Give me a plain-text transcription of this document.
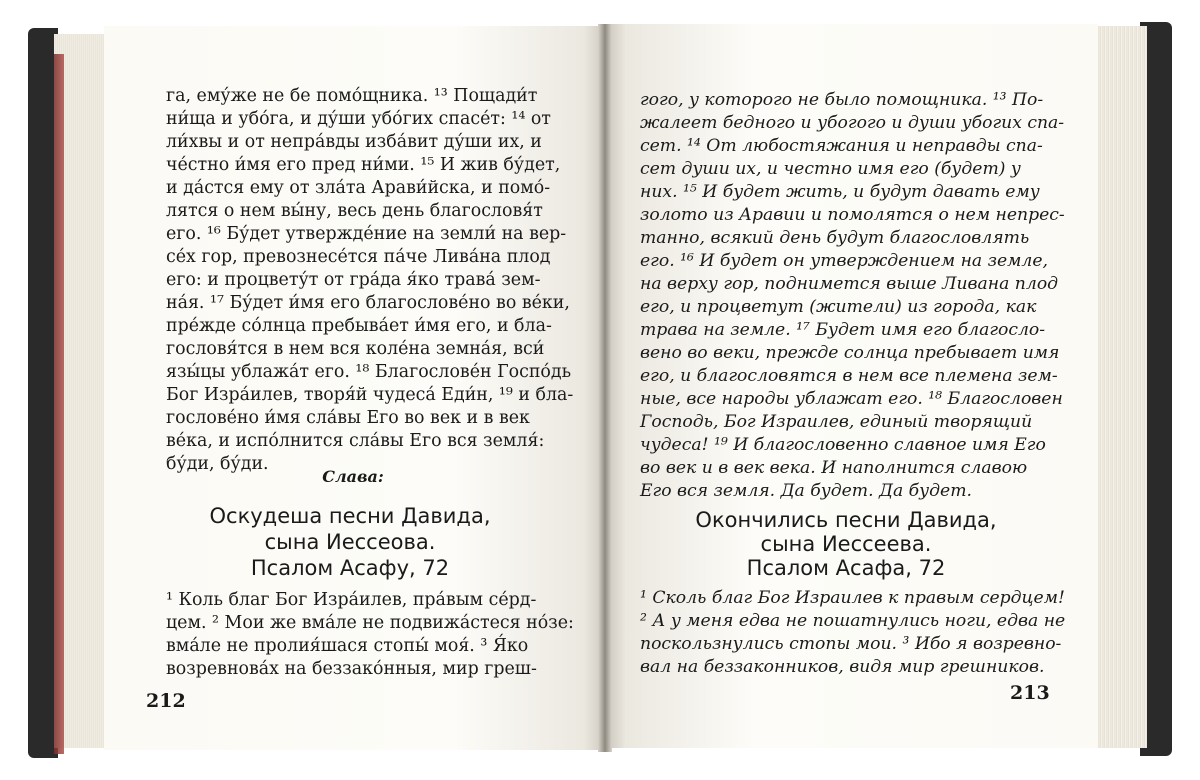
га, ему́же не бе помо́щника. ¹³ Пощади́т
ни́ща и убо́га, и ду́ши убо́гих спасе́т: ¹⁴ от
ли́хвы и от непра́вды изба́вит ду́ши их, и
че́стно и́мя его пред ни́ми. ¹⁵ И жив бу́дет,
и да́стся ему от зла́та Арави́йска, и помо́-
лятся о нем вы́ну, весь день благословя́т
его. ¹⁶ Бу́дет утвержде́ние на земли́ на вер-
се́х гор, превознесе́тся па́че Лива́на плод
его: и процвету́т от гра́да я́ко трава́ зем-
на́я. ¹⁷ Бу́дет и́мя его благослове́но во ве́ки,
пре́жде со́лнца пребыва́ет и́мя его, и бла-
гословя́тся в нем вся коле́на земна́я, вси́
язы́цы ублажа́т его. ¹⁸ Благослове́н Госпо́дь
Бог Изра́илев, творя́й чудеса́ Еди́н, ¹⁹ и бла-
гослове́но и́мя сла́вы Его во век и в век
ве́ка, и испо́лнится сла́вы Его вся земля́:
бу́ди, бу́ди.
Слава:
Оскудеша песни Давида,
сына Иессеова.
Псалом Асафу, 72
¹ Коль благ Бог Изра́илев, пра́вым се́рд-
цем. ² Мои же вма́ле не подвижа́стеся но́зе:
вма́ле не пролия́шася стопы́ моя́. ³ Я́ко
возревнова́х на беззако́нныя, мир греш-
212
гого, у которого не было помощника. ¹³ По-
жалеет бедного и убогого и души убогих спа-
сет. ¹⁴ От любостяжания и неправды спа-
сет души их, и честно имя его (будет) у
них. ¹⁵ И будет жить, и будут давать ему
золото из Аравии и помолятся о нем непрес-
танно, всякий день будут благословлять
его. ¹⁶ И будет он утверждением на земле,
на верху гор, поднимется выше Ливана плод
его, и процветут (жители) из города, как
трава на земле. ¹⁷ Будет имя его благосло-
вено во веки, прежде солнца пребывает имя
его, и благословятся в нем все племена зем-
ные, все народы ублажат его. ¹⁸ Благословен
Господь, Бог Израилев, единый творящий
чудеса! ¹⁹ И благословенно славное имя Его
во век и в век века. И наполнится славою
Его вся земля. Да будет. Да будет.
Окончились песни Давида,
сына Иессеева.
Псалом Асафа, 72
¹ Сколь благ Бог Израилев к правым сердцем!
² А у меня едва не пошатнулись ноги, едва не
поскользнулись стопы мои. ³ Ибо я возревно-
вал на беззаконников, видя мир грешников.
213
